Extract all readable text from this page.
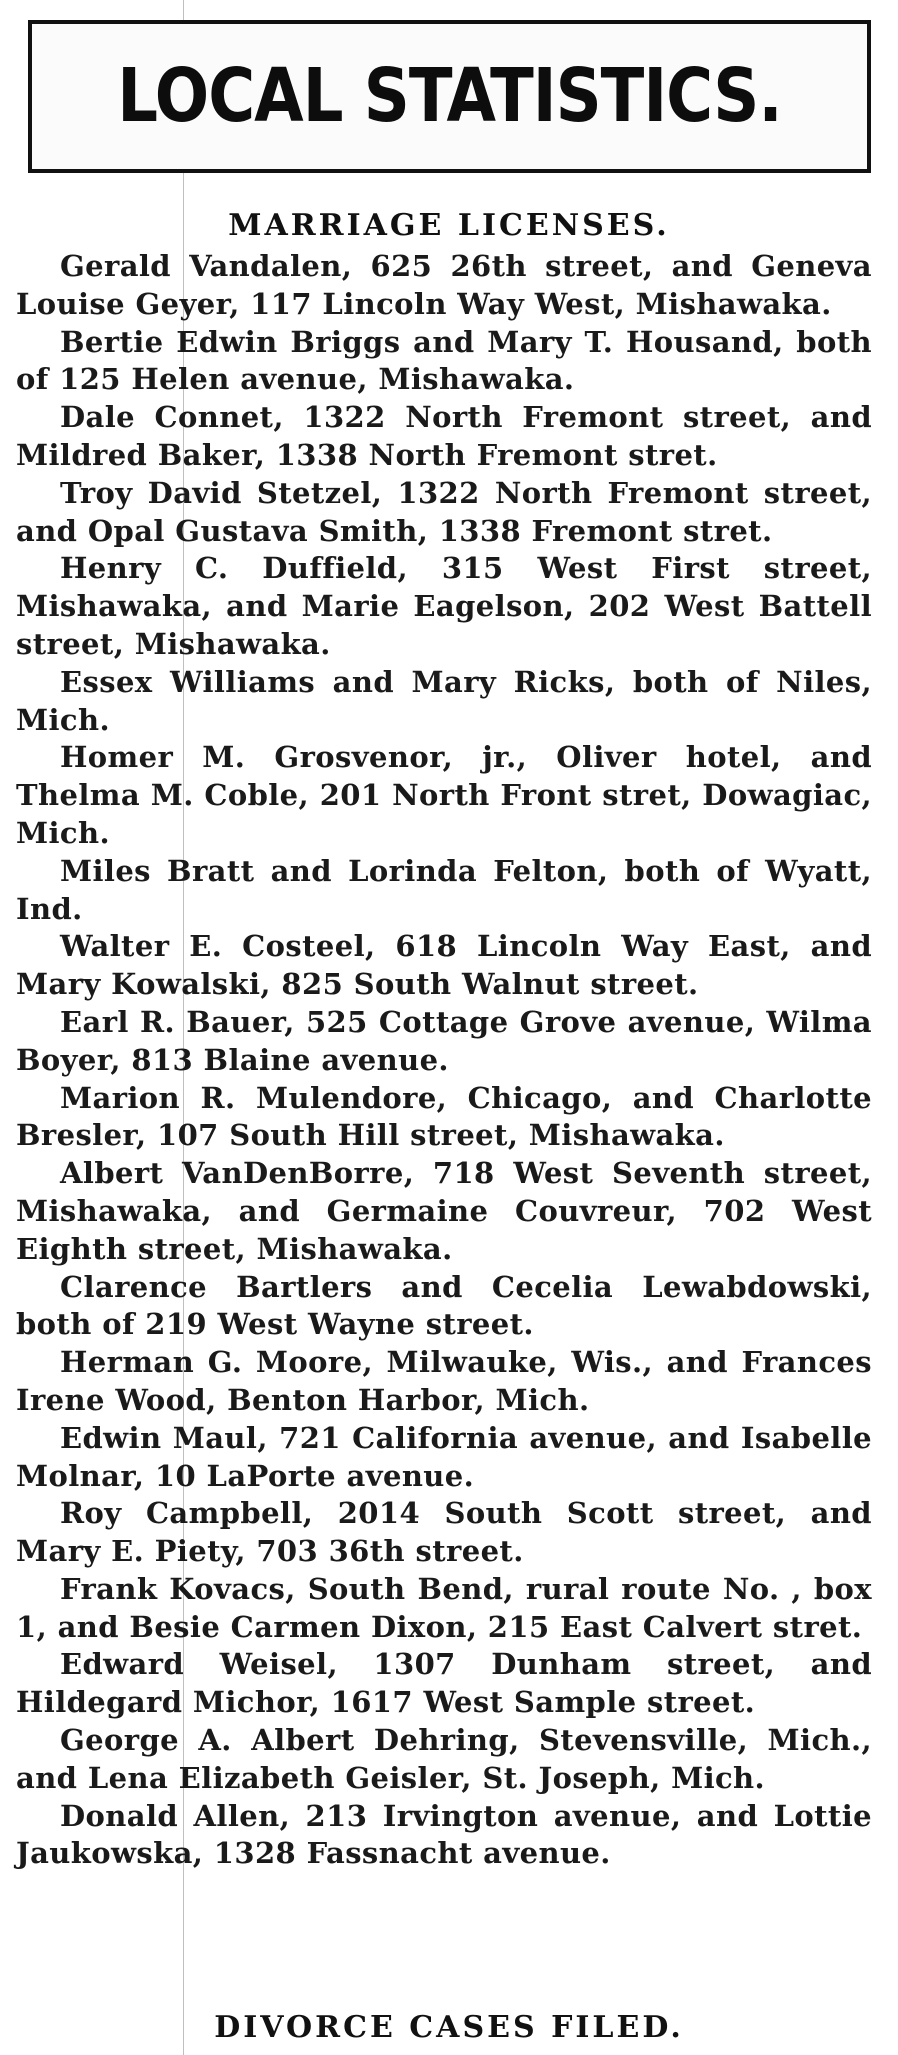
LOCAL STATISTICS.
MARRIAGE LICENSES.

Gerald Vandalen, 625 26th street, and Geneva Louise Geyer, 117 Lincoln Way West, Mishawaka.

Bertie Edwin Briggs and Mary T. Housand, both of 125 Helen avenue, Mishawaka.

Dale Connet, 1322 North Fremont street, and Mildred Baker, 1338 North Fremont stret.

Troy David Stetzel, 1322 North Fremont street, and Opal Gustava Smith, 1338 Fremont stret.

Henry C. Duffield, 315 West First street, Mishawaka, and Marie Eagelson, 202 West Battell street, Mishawaka.

Essex Williams and Mary Ricks, both of Niles, Mich.

Homer M. Grosvenor, jr., Oliver hotel, and Thelma M. Coble, 201 North Front stret, Dowagiac, Mich.

Miles Bratt and Lorinda Felton, both of Wyatt, Ind.

Walter E. Costeel, 618 Lincoln Way East, and Mary Kowalski, 825 South Walnut street.

Earl R. Bauer, 525 Cottage Grove avenue, Wilma Boyer, 813 Blaine avenue.

Marion R. Mulendore, Chicago, and Charlotte Bresler, 107 South Hill street, Mishawaka.

Albert VanDenBorre, 718 West Seventh street, Mishawaka, and Germaine Couvreur, 702 West Eighth street, Mishawaka.

Clarence Bartlers and Cecelia Lewabdowski, both of 219 West Wayne street.

Herman G. Moore, Milwauke, Wis., and Frances Irene Wood, Benton Harbor, Mich.

Edwin Maul, 721 California avenue, and Isabelle Molnar, 10 LaPorte avenue.

Roy Campbell, 2014 South Scott street, and Mary E. Piety, 703 36th street.

Frank Kovacs, South Bend, rural route No. , box 1, and Besie Carmen Dixon, 215 East Calvert stret.

Edward Weisel, 1307 Dunham street, and Hildegard Michor, 1617 West Sample street.

George A. Albert Dehring, Stevensville, Mich., and Lena Elizabeth Geisler, St. Joseph, Mich.

Donald Allen, 213 Irvington avenue, and Lottie Jaukowska, 1328 Fassnacht avenue.

DIVORCE CASES FILED.
